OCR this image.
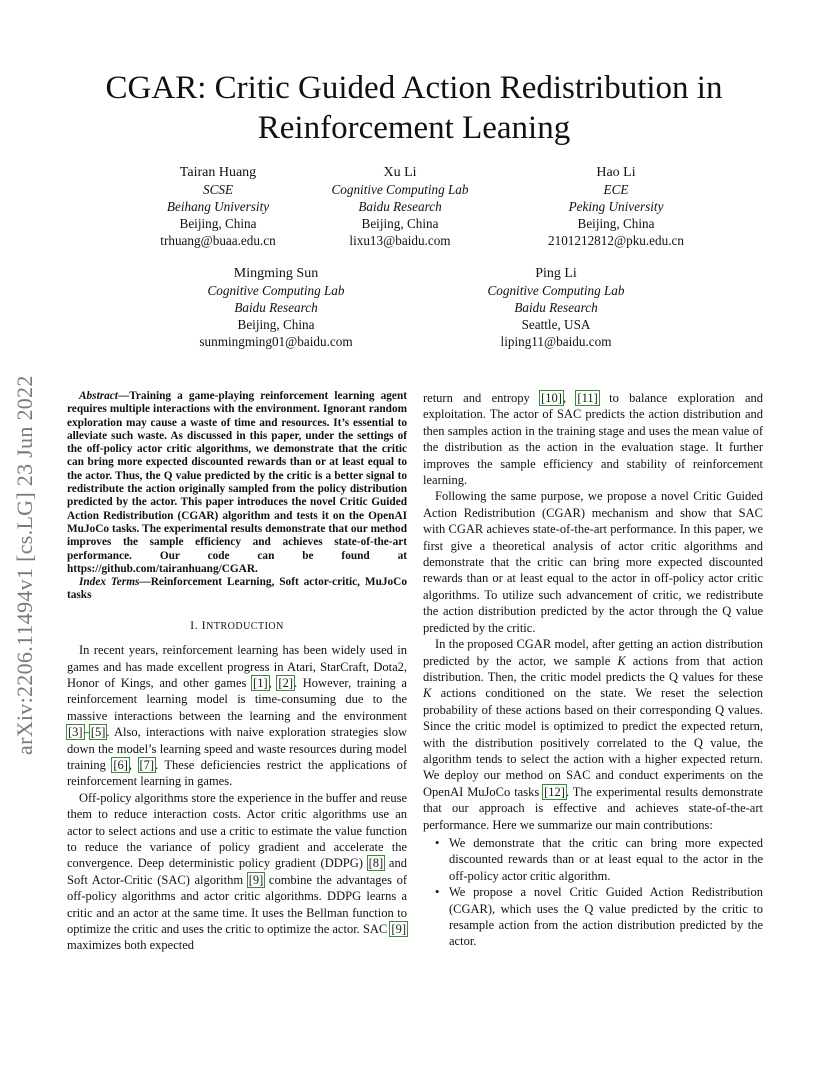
CGAR: Critic Guided Action Redistribution in Reinforcement Leaning
Tairan Huang
SCSE
Beihang University
Beijing, China
trhuang@buaa.edu.cn
Xu Li
Cognitive Computing Lab
Baidu Research
Beijing, China
lixu13@baidu.com
Hao Li
ECE
Peking University
Beijing, China
2101212812@pku.edu.cn
Mingming Sun
Cognitive Computing Lab
Baidu Research
Beijing, China
sunmingming01@baidu.com
Ping Li
Cognitive Computing Lab
Baidu Research
Seattle, USA
liping11@baidu.com
arXiv:2206.11494v1 [cs.LG] 23 Jun 2022	Abstract—Training a game-playing reinforcement learning agent requires multiple interactions with the environment. Ignorant random exploration may cause a waste of time and resources. It’s essential to alleviate such waste. As discussed in this paper, under the settings of the off-policy actor critic algorithms, we demonstrate that the critic can bring more expected discounted rewards than or at least equal to the actor. Thus, the Q value predicted by the critic is a better signal to redistribute the action originally sampled from the policy distribution predicted by the actor. This paper introduces the novel Critic Guided Action Redistribution (CGAR) algorithm and tests it on the OpenAI MuJoCo tasks. The experimental results demonstrate that our method improves the sample efficiency and achieves state-of-the-art performance. Our code can be found at https://github.com/tairanhuang/CGAR.

Index Terms—Reinforcement Learning, Soft actor-critic, MuJoCo tasks

I. INTRODUCTION

In recent years, reinforcement learning has been widely used in games and has made excellent progress in Atari, StarCraft, Dota2, Honor of Kings, and other games [1], [2]. However, training a reinforcement learning model is time-consuming due to the massive interactions between the learning and the environment [3]–[5]. Also, interactions with naive exploration strategies slow down the model’s learning speed and waste resources during model training [6], [7]. These deficiencies restrict the applications of reinforcement learning in games.

Off-policy algorithms store the experience in the buffer and reuse them to reduce interaction costs. Actor critic algorithms use an actor to select actions and use a critic to estimate the value function to reduce the variance of policy gradient and accelerate the convergence. Deep deterministic policy gradient (DDPG) [8] and Soft Actor-Critic (SAC) algorithm [9] combine the advantages of off-policy algorithms and actor critic algorithms. DDPG learns a critic and an actor at the same time. It uses the Bellman function to optimize the critic and uses the critic to optimize the actor. SAC [9] maximizes both expected

return and entropy [10], [11] to balance exploration and exploitation. The actor of SAC predicts the action distribution and then samples action in the training stage and uses the mean value of the distribution as the action in the evaluation stage. It further improves the sample efficiency and stability of reinforcement learning.

Following the same purpose, we propose a novel Critic Guided Action Redistribution (CGAR) mechanism and show that SAC with CGAR achieves state-of-the-art performance. In this paper, we first give a theoretical analysis of actor critic algorithms and demonstrate that the critic can bring more expected discounted rewards than or at least equal to the actor in off-policy actor critic algorithms. To utilize such advancement of critic, we redistribute the action distribution predicted by the actor through the Q value predicted by the critic.

In the proposed CGAR model, after getting an action distribution predicted by the actor, we sample K actions from that action distribution. Then, the critic model predicts the Q values for these K actions conditioned on the state. We reset the selection probability of these actions based on their corresponding Q values. Since the critic model is optimized to predict the expected return, with the distribution positively correlated to the Q value, the algorithm tends to select the action with a higher expected return. We deploy our method on SAC and conduct experiments on the OpenAI MuJoCo tasks [12]. The experimental results demonstrate that our approach is effective and achieves state-of-the-art performance. Here we summarize our main contributions:

• We demonstrate that the critic can bring more expected discounted rewards than or at least equal to the actor in the off-policy actor critic algorithm.
• We propose a novel Critic Guided Action Redistribution (CGAR), which uses the Q value predicted by the critic to resample action from the action distribution predicted by the actor.
